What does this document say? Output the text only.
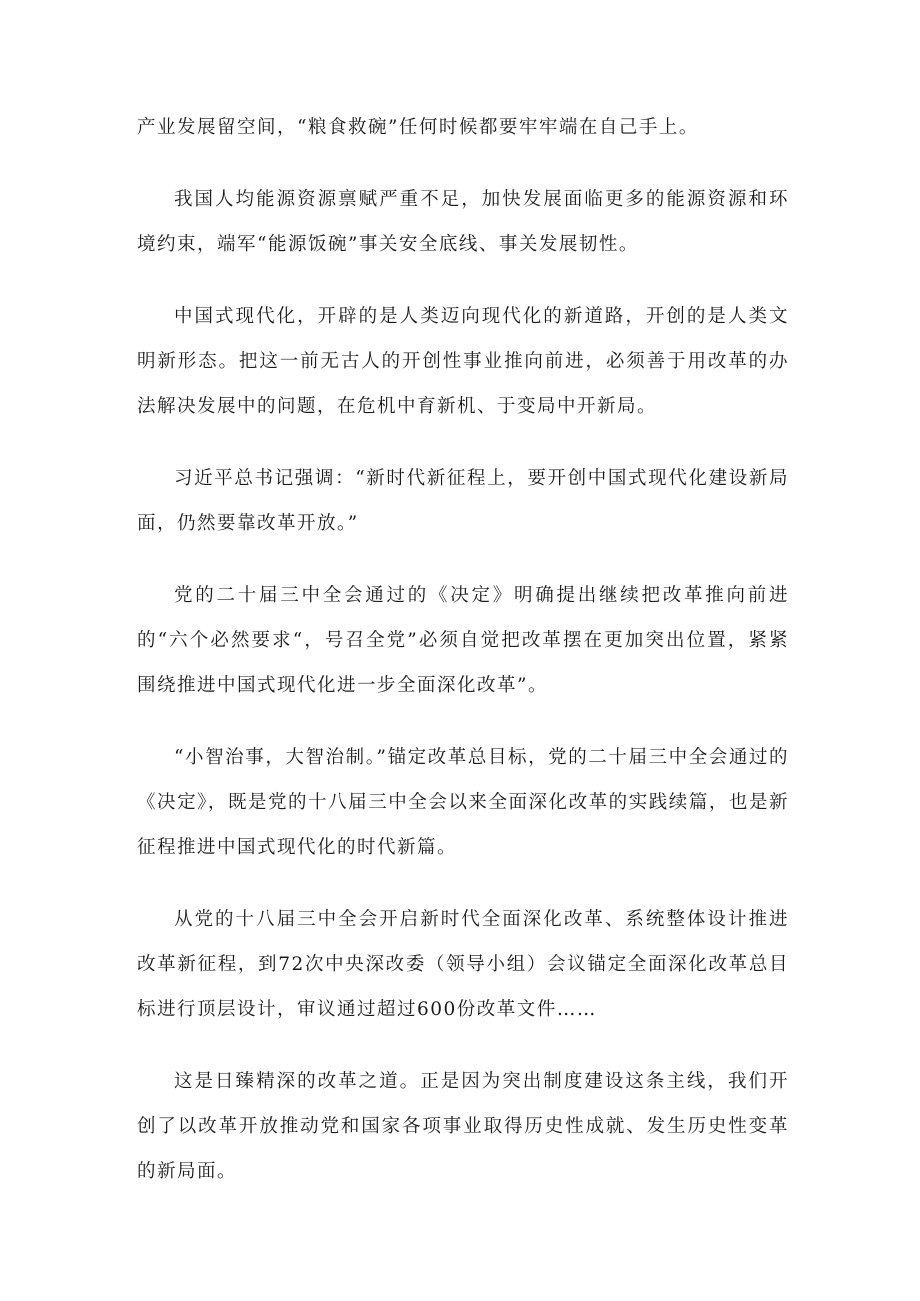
产业发展留空间，“粮食救碗”任何时候都要牢牢端在自己手上。

我国人均能源资源禀赋严重不足，加快发展面临更多的能源资源和环境约束，端军“能源饭碗”事关安全底线、事关发展韧性。

中国式现代化，开辟的是人类迈向现代化的新道路，开创的是人类文明新形态。把这一前无古人的开创性事业推向前进，必须善于用改革的办法解决发展中的问题，在危机中育新机、于变局中开新局。

习近平总书记强调：“新时代新征程上，要开创中国式现代化建设新局面，仍然要靠改革开放。”

党的二十届三中全会通过的《决定》明确提出继续把改革推向前进的“六个必然要求“，号召全党”必须自觉把改革摆在更加突出位置，紧紧围绕推进中国式现代化进一步全面深化改革”。

“小智治事，大智治制。”锚定改革总目标，党的二十届三中全会通过的《决定》，既是党的十八届三中全会以来全面深化改革的实践续篇，也是新征程推进中国式现代化的时代新篇。

从党的十八届三中全会开启新时代全面深化改革、系统整体设计推进改革新征程，到72次中央深改委（领导小组）会议锚定全面深化改革总目标进行顶层设计，审议通过超过600份改革文件……

这是日臻精深的改革之道。正是因为突出制度建设这条主线，我们开创了以改革开放推动党和国家各项事业取得历史性成就、发生历史性变革的新局面。
